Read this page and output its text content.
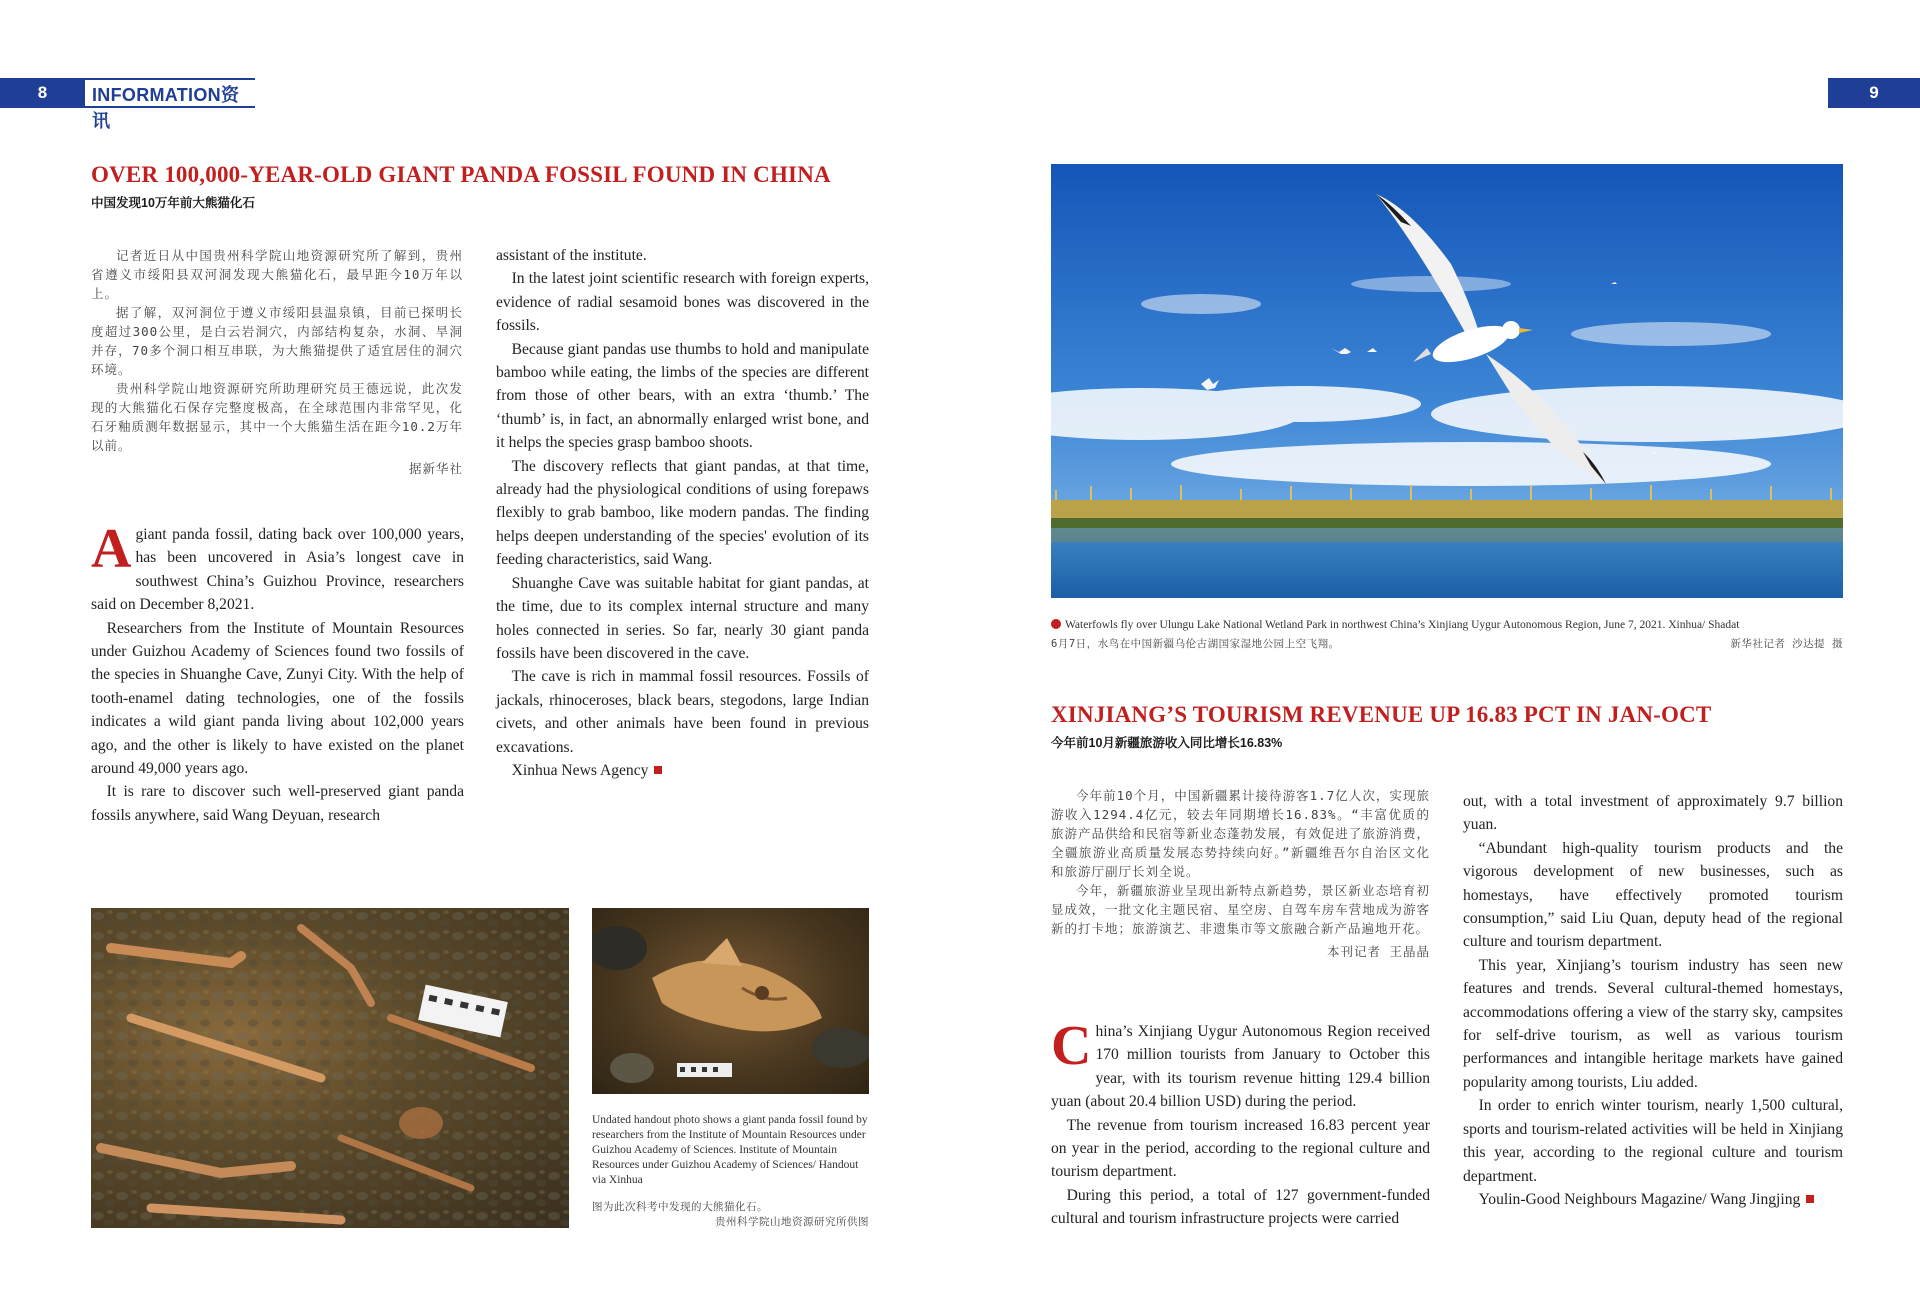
8	INFORMATION资讯
9
OVER 100,000-YEAR-OLD GIANT PANDA FOSSIL FOUND IN CHINA
中国发现10万年前大熊猫化石

记者近日从中国贵州科学院山地资源研究所了解到，贵州省遵义市绥阳县双河洞发现大熊猫化石，最早距今10万年以上。

据了解，双河洞位于遵义市绥阳县温泉镇，目前已探明长度超过300公里，是白云岩洞穴，内部结构复杂，水洞、旱洞并存，70多个洞口相互串联，为大熊猫提供了适宜居住的洞穴环境。

贵州科学院山地资源研究所助理研究员王德远说，此次发现的大熊猫化石保存完整度极高，在全球范围内非常罕见，化石牙釉质测年数据显示，其中一个大熊猫生活在距今10.2万年以前。

据新华社

Agiant panda fossil, dating back over 100,000 years, has been uncovered in Asia’s longest cave in southwest China’s Guizhou Province, researchers said on December 8,2021.

Researchers from the Institute of Mountain Resources under Guizhou Academy of Sciences found two fossils of the species in Shuanghe Cave, Zunyi City. With the help of tooth-enamel dating technologies, one of the fossils indicates a wild giant panda living about 102,000 years ago, and the other is likely to have existed on the planet around 49,000 years ago.

It is rare to discover such well-preserved giant panda fossils anywhere, said Wang Deyuan, research

assistant of the institute.

In the latest joint scientific research with foreign experts, evidence of radial sesamoid bones was discovered in the fossils.

Because giant pandas use thumbs to hold and manipulate bamboo while eating, the limbs of the species are different from those of other bears, with an extra ‘thumb.’ The ‘thumb’ is, in fact, an abnormally enlarged wrist bone, and it helps the species grasp bamboo shoots.

The discovery reflects that giant pandas, at that time, already had the physiological conditions of using forepaws flexibly to grab bamboo, like modern pandas. The finding helps deepen understanding of the species' evolution of its feeding characteristics, said Wang.

Shuanghe Cave was suitable habitat for giant pandas, at the time, due to its complex internal structure and many holes connected in series. So far, nearly 30 giant panda fossils have been discovered in the cave.

The cave is rich in mammal fossil resources. Fossils of jackals, rhinoceroses, black bears, stegodons, large Indian civets, and other animals have been found in previous excavations.

Xinhua News Agency

Undated handout photo shows a giant panda fossil found by researchers from the Institute of Mountain Resources under Guizhou Academy of Sciences. Institute of Mountain Resources under Guizhou Academy of Sciences/ Handout via Xinhua
图为此次科考中发现的大熊猫化石。
贵州科学院山地资源研究所供图
Waterfowls fly over Ulungu Lake National Wetland Park in northwest China’s Xinjiang Uygur Autonomous Region, June 7, 2021. Xinhua/ Shadat
6月7日，水鸟在中国新疆乌伦古湖国家湿地公园上空飞翔。	新华社记者 沙达提 摄
XINJIANG’S TOURISM REVENUE UP 16.83 PCT IN JAN-OCT
今年前10月新疆旅游收入同比增长16.83%

今年前10个月，中国新疆累计接待游客1.7亿人次，实现旅游收入1294.4亿元，较去年同期增长16.83%。“丰富优质的旅游产品供给和民宿等新业态蓬勃发展，有效促进了旅游消费，全疆旅游业高质量发展态势持续向好。”新疆维吾尔自治区文化和旅游厅副厅长刘全说。

今年，新疆旅游业呈现出新特点新趋势，景区新业态培育初显成效，一批文化主题民宿、星空房、自驾车房车营地成为游客新的打卡地；旅游演艺、非遗集市等文旅融合新产品遍地开花。

本刊记者 王晶晶

China’s Xinjiang Uygur Autonomous Region received 170 million tourists from January to October this year, with its tourism revenue hitting 129.4 billion yuan (about 20.4 billion USD) during the period.

The revenue from tourism increased 16.83 percent year on year in the period, according to the regional culture and tourism department.

During this period, a total of 127 government-funded cultural and tourism infrastructure projects were carried

out, with a total investment of approximately 9.7 billion yuan.

“Abundant high-quality tourism products and the vigorous development of new businesses, such as homestays, have effectively promoted tourism consumption,” said Liu Quan, deputy head of the regional culture and tourism department.

This year, Xinjiang’s tourism industry has seen new features and trends. Several cultural-themed homestays, accommodations offering a view of the starry sky, campsites for self-drive tourism, as well as various tourism performances and intangible heritage markets have gained popularity among tourists, Liu added.

In order to enrich winter tourism, nearly 1,500 cultural, sports and tourism-related activities will be held in Xinjiang this year, according to the regional culture and tourism department.

Youlin-Good Neighbours Magazine/ Wang Jingjing
